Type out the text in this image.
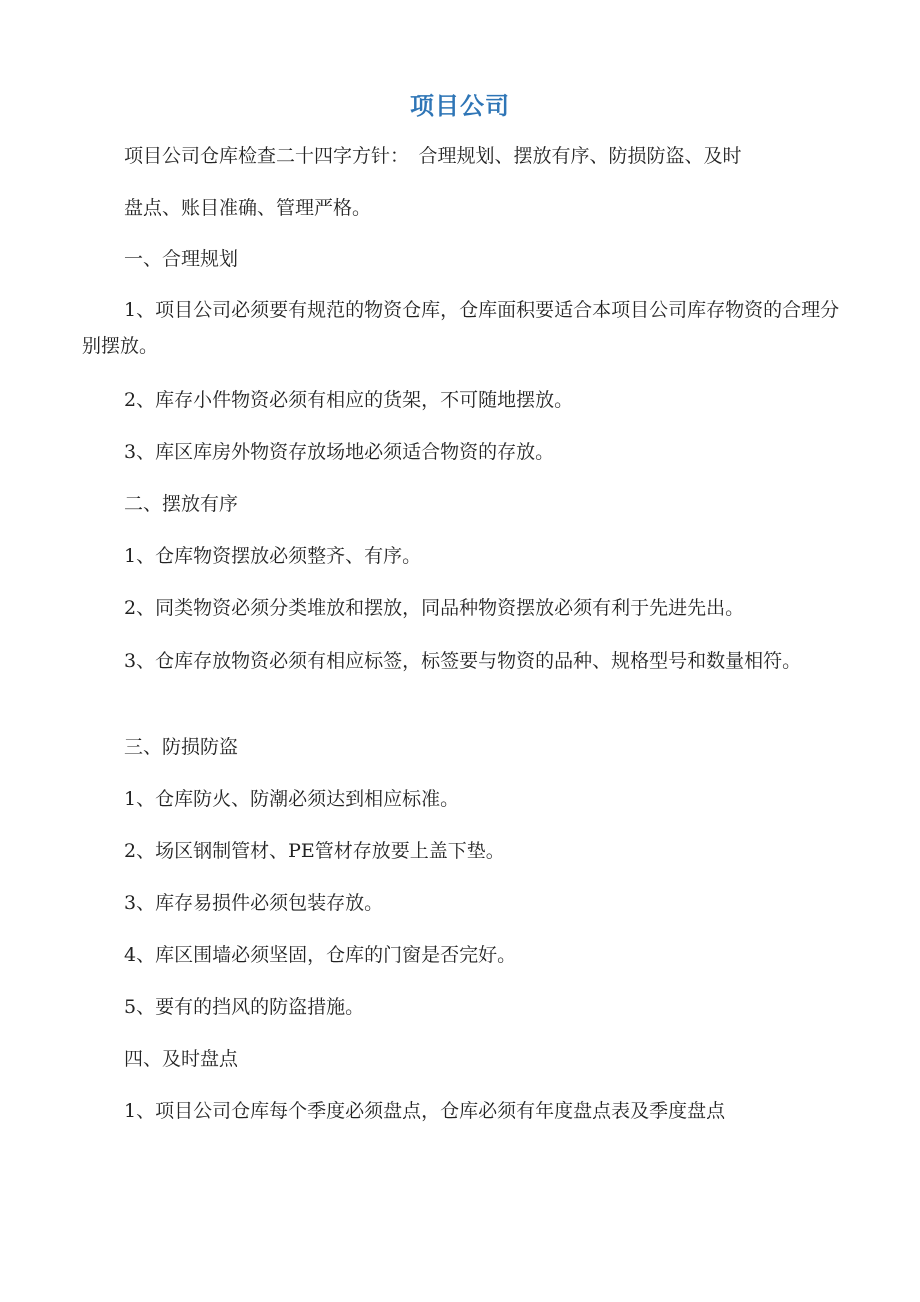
项目公司

项目公司仓库检查二十四字方针：　合理规划、摆放有序、防损防盗、及时

盘点、账目准确、管理严格。

一、合理规划

1、项目公司必须要有规范的物资仓库，仓库面积要适合本项目公司库存物资的合理分别摆放。

2、库存小件物资必须有相应的货架，不可随地摆放。

3、库区库房外物资存放场地必须适合物资的存放。

二、摆放有序

1、仓库物资摆放必须整齐、有序。

2、同类物资必须分类堆放和摆放，同品种物资摆放必须有利于先进先出。

3、仓库存放物资必须有相应标签，标签要与物资的品种、规格型号和数量相符。

三、防损防盗

1、仓库防火、防潮必须达到相应标准。

2、场区钢制管材、PE管材存放要上盖下垫。

3、库存易损件必须包装存放。

4、库区围墙必须坚固，仓库的门窗是否完好。

5、要有的挡风的防盗措施。

四、及时盘点

1、项目公司仓库每个季度必须盘点，仓库必须有年度盘点表及季度盘点
